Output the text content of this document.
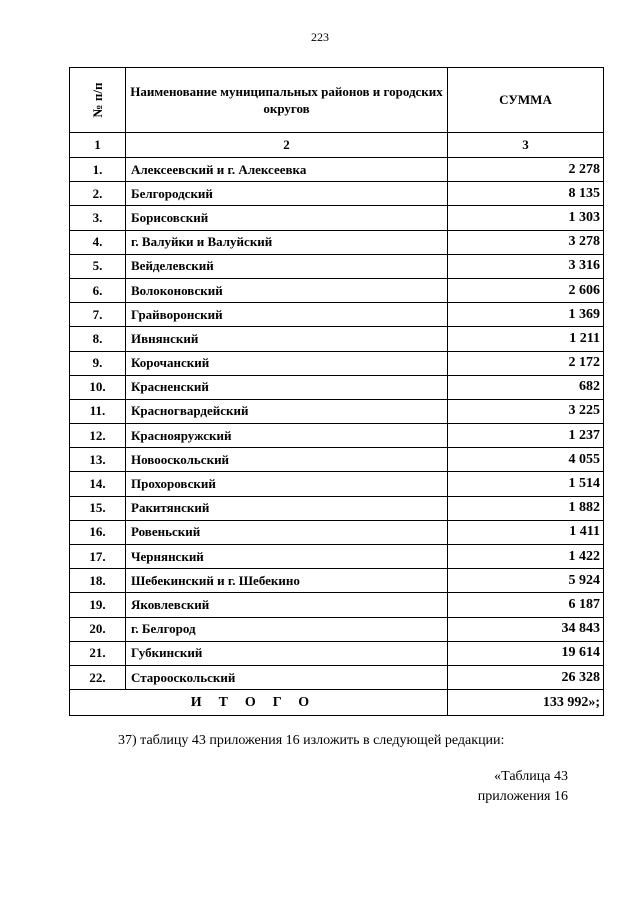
223
№ п/п	Наименование муниципальных районов и городских округов	СУММА
1	2	3
1.	Алексеевский и г. Алексеевка	2 278
2.	Белгородский	8 135
3.	Борисовский	1 303
4.	г. Валуйки и Валуйский	3 278
5.	Вейделевский	3 316
6.	Волоконовский	2 606
7.	Грайворонский	1 369
8.	Ивнянский	1 211
9.	Корочанский	2 172
10.	Красненский	682
11.	Красногвардейский	3 225
12.	Краснояружский	1 237
13.	Новооскольский	4 055
14.	Прохоровский	1 514
15.	Ракитянский	1 882
16.	Ровеньский	1 411
17.	Чернянский	1 422
18.	Шебекинский и г. Шебекино	5 924
19.	Яковлевский	6 187
20.	г. Белгород	34 843
21.	Губкинский	19 614
22.	Старооскольский	26 328
ИТОГО		133 992»;
37) таблицу 43 приложения 16 изложить в следующей редакции:
«Таблица 43
приложения 16
